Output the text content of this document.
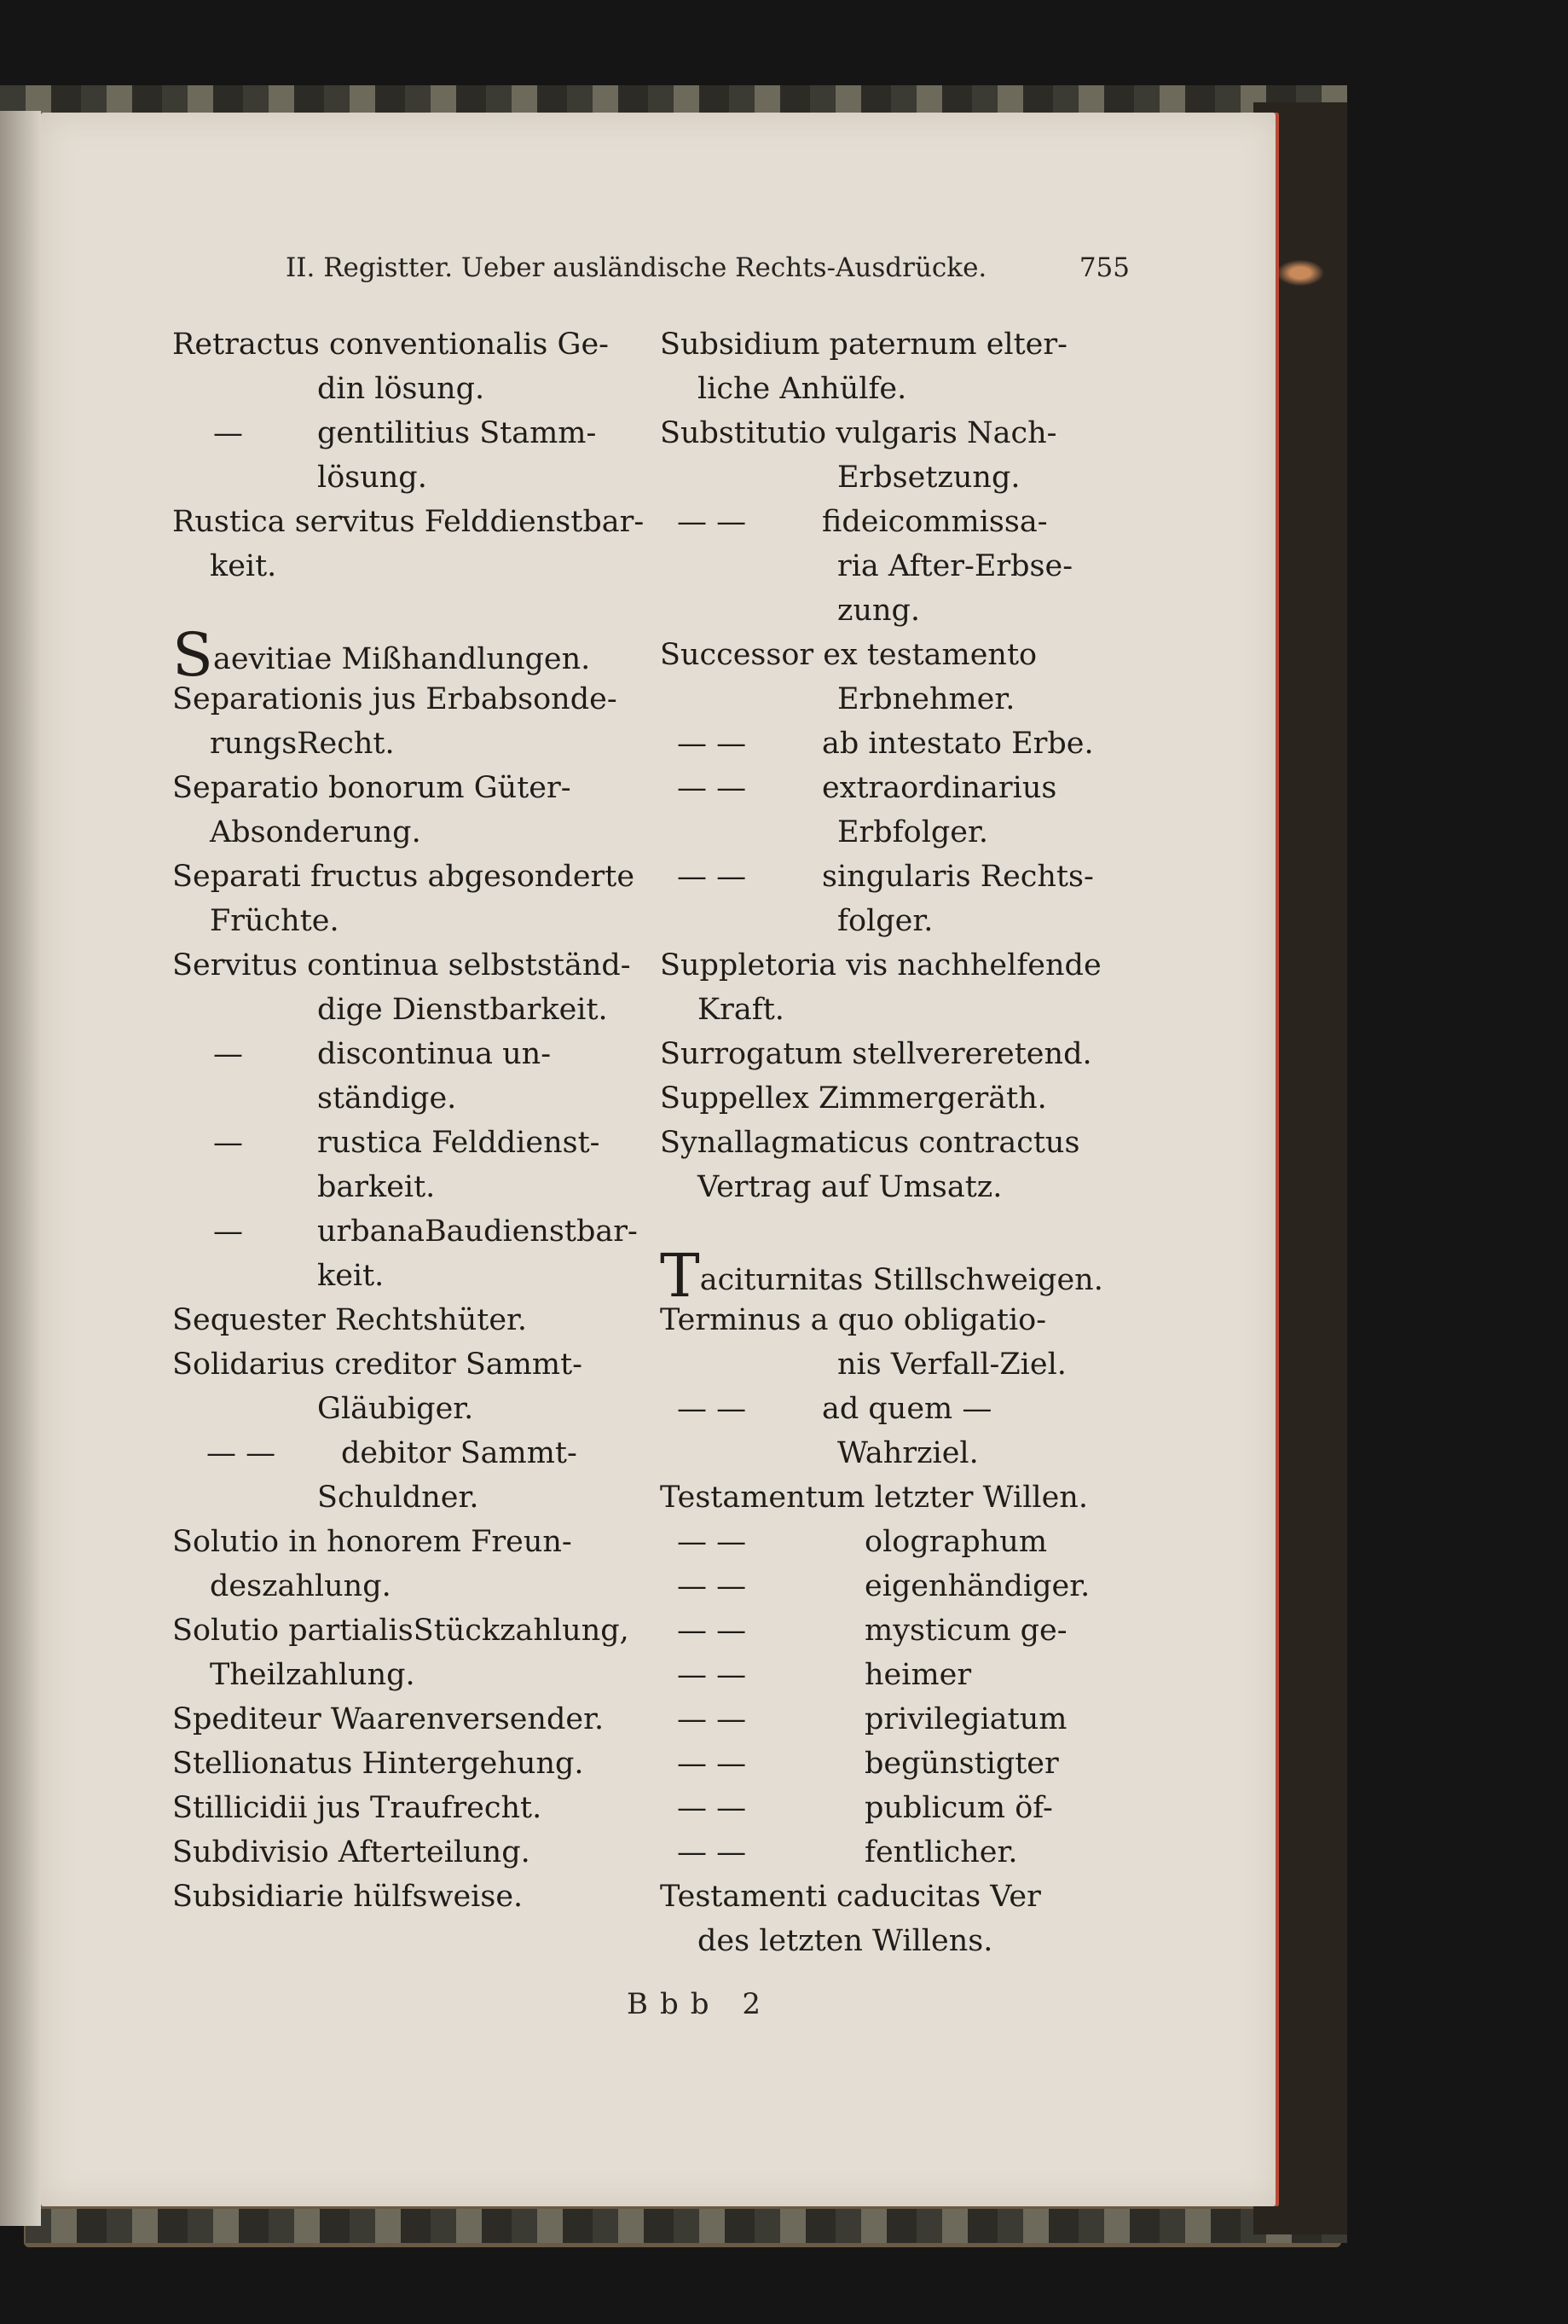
II. Registter. Ueber ausländische Rechts-Ausdrücke.	755
Retractus conventionalis Ge-
din lösung.
— gentilitius Stamm-
lösung.
Rustica servitus Felddienstbar-
keit.
Saevitiae Mißhandlungen.
Separationis jus Erbabsonde-
rungsRecht.
Separatio bonorum Güter-
Absonderung.
Separati fructus abgesonderte
Früchte.
Servitus continua selbstständ-
dige Dienstbarkeit.
— discontinua un-
ständige.
— rustica Felddienst-
barkeit.
— urbanaBaudienstbar-
keit.
Sequester Rechtshüter.
Solidarius creditor Sammt-
Gläubiger.
— — debitor Sammt-
Schuldner.
Solutio in honorem Freun-
deszahlung.
Solutio partialisStückzahlung,
Theilzahlung.
Spediteur Waarenversender.
Stellionatus Hintergehung.
Stillicidii jus Traufrecht.
Subdivisio Afterteilung.
Subsidiarie hülfsweise.
Subsidium paternum elter-
liche Anhülfe.
Substitutio vulgaris Nach-
Erbsetzung.
— —	fideicommissa-
ria After-Erbse-
zung.
Successor ex testamento
Erbnehmer.
— —	ab intestato Erbe.
— —	extraordinarius
Erbfolger.
— —	singularis Rechts-
folger.
Suppletoria vis nachhelfende
Kraft.
Surrogatum stellvereretend.
Suppellex Zimmergeräth.
Synallagmaticus contractus
Vertrag auf Umsatz.
Taciturnitas Stillschweigen.
Terminus a quo obligatio-
nis Verfall-Ziel.
— —	ad quem —
Wahrziel.
Testamentum letzter Willen.
— —	olographum
— —	eigenhändiger.
— —	mysticum ge-
— —	heimer
— —	privilegiatum
— —	begünstigter
— —	publicum öf-
— —	fentlicher.
Testamenti caducitas Ver
des letzten Willens.
Bbb 2
